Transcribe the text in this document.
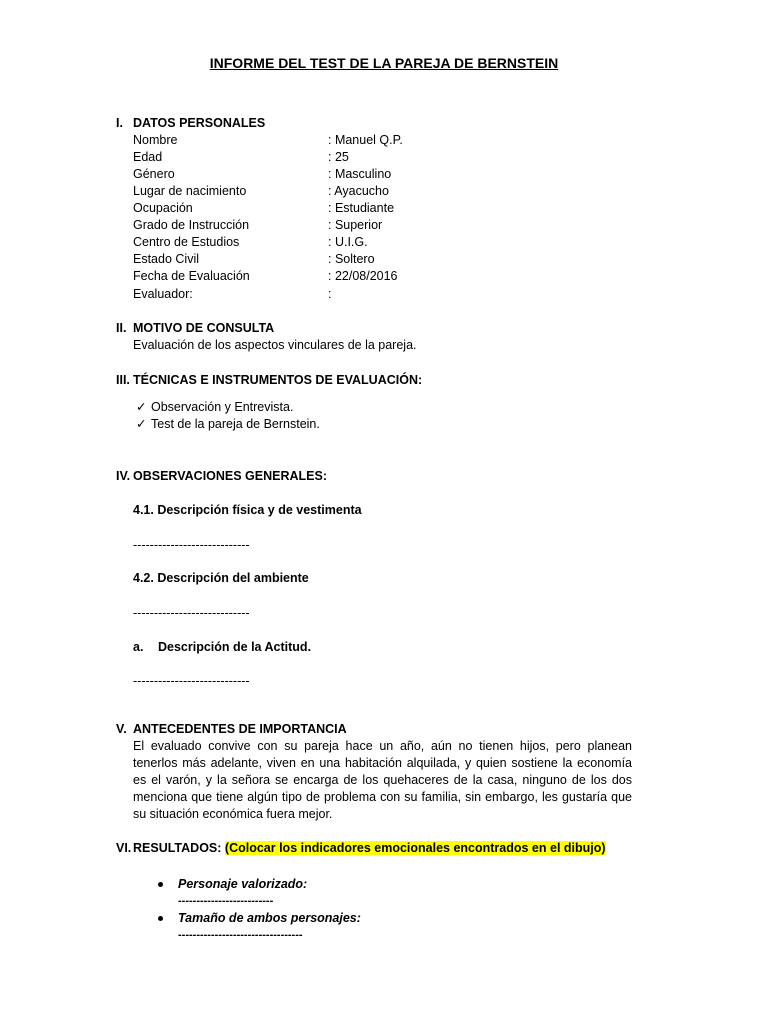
INFORME DEL TEST DE LA PAREJA DE BERNSTEIN
I. DATOS PERSONALES
Nombre	: Manuel Q.P.
Edad	: 25
Género	: Masculino
Lugar de nacimiento	: Ayacucho
Ocupación	: Estudiante
Grado de Instrucción	: Superior
Centro de Estudios	: U.I.G.
Estado Civil	: Soltero
Fecha de Evaluación	: 22/08/2016
Evaluador:	:
II. MOTIVO DE CONSULTA
Evaluación de los aspectos vinculares de la pareja.
III. TÉCNICAS E INSTRUMENTOS DE EVALUACIÓN:
✓ Observación y Entrevista.
✓ Test de la pareja de Bernstein.
IV. OBSERVACIONES GENERALES:
4.1. Descripción física y de vestimenta
----------------------------
4.2. Descripción del ambiente
----------------------------
a. Descripción de la Actitud.
----------------------------
V. ANTECEDENTES DE IMPORTANCIA
El evaluado convive con su pareja hace un año, aún no tienen hijos, pero planean tenerlos más adelante, viven en una habitación alquilada, y quien sostiene la economía es el varón, y la señora se encarga de los quehaceres de la casa, ninguno de los dos menciona que tiene algún tipo de problema con su familia, sin embargo, les gustaría que su situación económica fuera mejor.
VI. RESULTADOS: (Colocar los indicadores emocionales encontrados en el dibujo)
Personaje valorizado:
--------------------------
Tamaño de ambos personajes:
----------------------------------
